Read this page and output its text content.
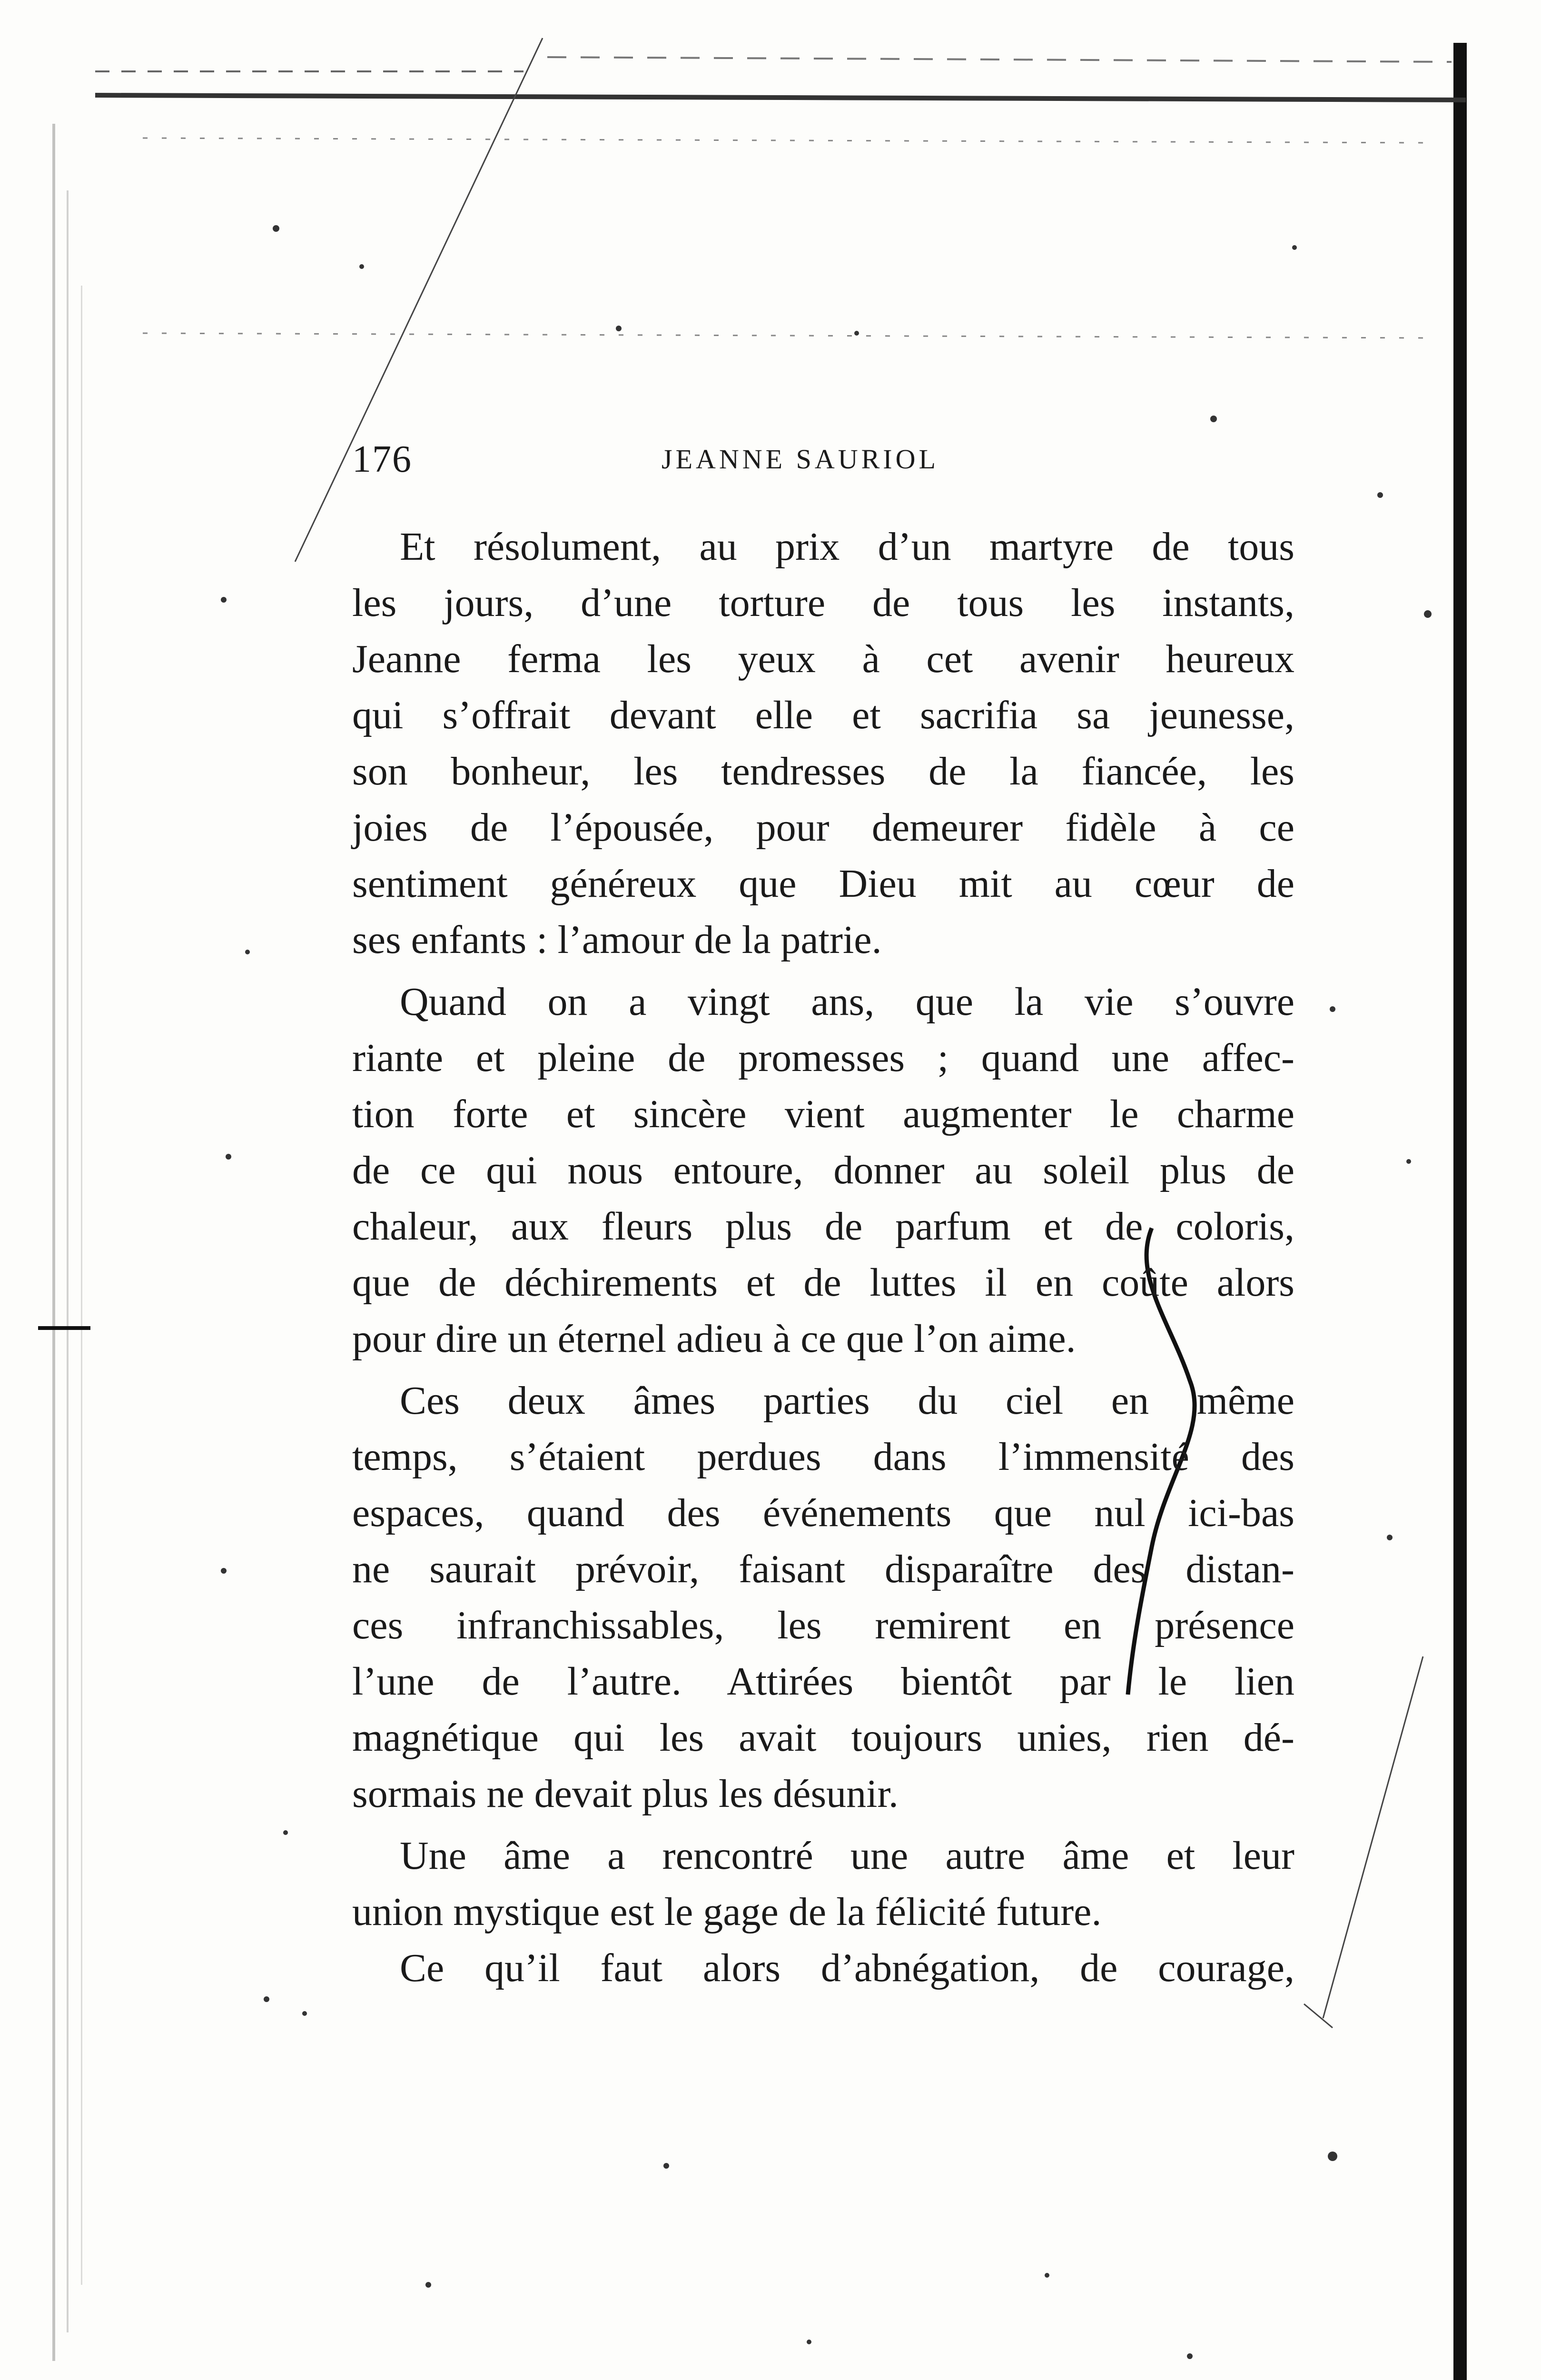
176	JEANNE SAURIOL
Et résolument, au prix d’un martyre de tous
les jours, d’une torture de tous les instants,
Jeanne ferma les yeux à cet avenir heureux
qui s’offrait devant elle et sacrifia sa jeunesse,
son bonheur, les tendresses de la fiancée, les
joies de l’épousée, pour demeurer fidèle à ce
sentiment généreux que Dieu mit au cœur de
ses enfants : l’amour de la patrie.
Quand on a vingt ans, que la vie s’ouvre
riante et pleine de promesses ; quand une affec-
tion forte et sincère vient augmenter le charme
de ce qui nous entoure, donner au soleil plus de
chaleur, aux fleurs plus de parfum et de coloris,
que de déchirements et de luttes il en coûte alors
pour dire un éternel adieu à ce que l’on aime.
Ces deux âmes parties du ciel en même
temps, s’étaient perdues dans l’immensité des
espaces, quand des événements que nul ici-bas
ne saurait prévoir, faisant disparaître des distan-
ces infranchissables, les remirent en présence
l’une de l’autre. Attirées bientôt par le lien
magnétique qui les avait toujours unies, rien dé-
sormais ne devait plus les désunir.
Une âme a rencontré une autre âme et leur
union mystique est le gage de la félicité future.
Ce qu’il faut alors d’abnégation, de courage,
